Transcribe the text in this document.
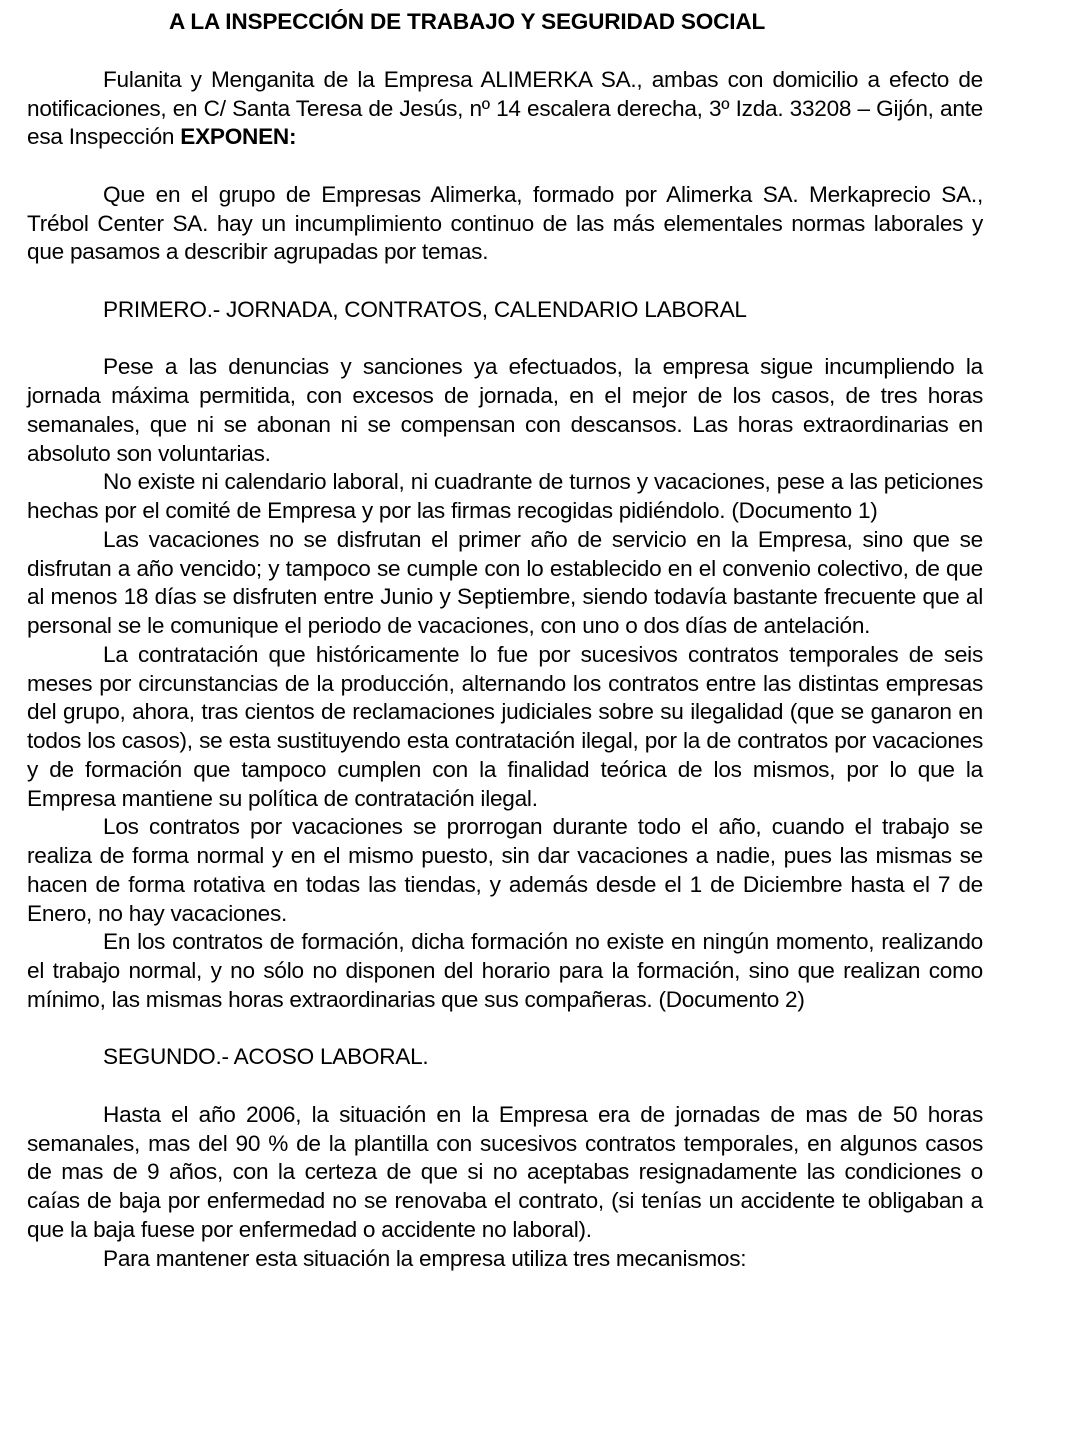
A LA INSPECCIÓN DE TRABAJO Y SEGURIDAD SOCIAL

Fulanita y Menganita de la Empresa ALIMERKA SA., ambas con domicilio a efecto de notificaciones, en C/ Santa Teresa de Jesús, nº 14 escalera derecha, 3º Izda. 33208 – Gijón, ante esa Inspección EXPONEN:

Que en el grupo de Empresas Alimerka, formado por Alimerka SA. Merkaprecio SA., Trébol Center SA. hay un incumplimiento continuo de las más elementales normas laborales y que pasamos a describir agrupadas por temas.

PRIMERO.- JORNADA, CONTRATOS, CALENDARIO LABORAL

Pese a las denuncias y sanciones ya efectuados, la empresa sigue incumpliendo la jornada máxima permitida, con excesos de jornada, en el mejor de los casos, de tres horas semanales, que ni se abonan ni se compensan con descansos. Las horas extraordinarias en absoluto son voluntarias.

No existe ni calendario laboral, ni cuadrante de turnos y vacaciones, pese a las peticiones hechas por el comité de Empresa y por las firmas recogidas pidiéndolo. (Documento 1)

Las vacaciones no se disfrutan el primer año de servicio en la Empresa, sino que se disfrutan a año vencido; y tampoco se cumple con lo establecido en el convenio colectivo, de que al menos 18 días se disfruten entre Junio y Septiembre, siendo todavía bastante frecuente que al personal se le comunique el periodo de vacaciones, con uno o dos días de antelación.

La contratación que históricamente lo fue por sucesivos contratos temporales de seis meses por circunstancias de la producción, alternando los contratos entre las distintas empresas del grupo, ahora, tras cientos de reclamaciones judiciales sobre su ilegalidad (que se ganaron en todos los casos), se esta sustituyendo esta contratación ilegal, por la de contratos por vacaciones y de formación que tampoco cumplen con la finalidad teórica de los mismos, por lo que la Empresa mantiene su política de contratación ilegal.

Los contratos por vacaciones se prorrogan durante todo el año, cuando el trabajo se realiza de forma normal y en el mismo puesto, sin dar vacaciones a nadie, pues las mismas se hacen de forma rotativa en todas las tiendas, y además desde el 1 de Diciembre hasta el 7 de Enero, no hay vacaciones.

En los contratos de formación, dicha formación no existe en ningún momento, realizando el trabajo normal, y no sólo no disponen del horario para la formación, sino que realizan como mínimo, las mismas horas extraordinarias que sus compañeras. (Documento 2)

SEGUNDO.- ACOSO LABORAL.

Hasta el año 2006, la situación en la Empresa era de jornadas de mas de 50 horas semanales, mas del 90 % de la plantilla con sucesivos contratos temporales, en algunos casos de mas de 9 años, con la certeza de que si no aceptabas resignadamente las condiciones o caías de baja por enfermedad no se renovaba el contrato, (si tenías un accidente te obligaban a que la baja fuese por enfermedad o accidente no laboral).

Para mantener esta situación la empresa utiliza tres mecanismos:
